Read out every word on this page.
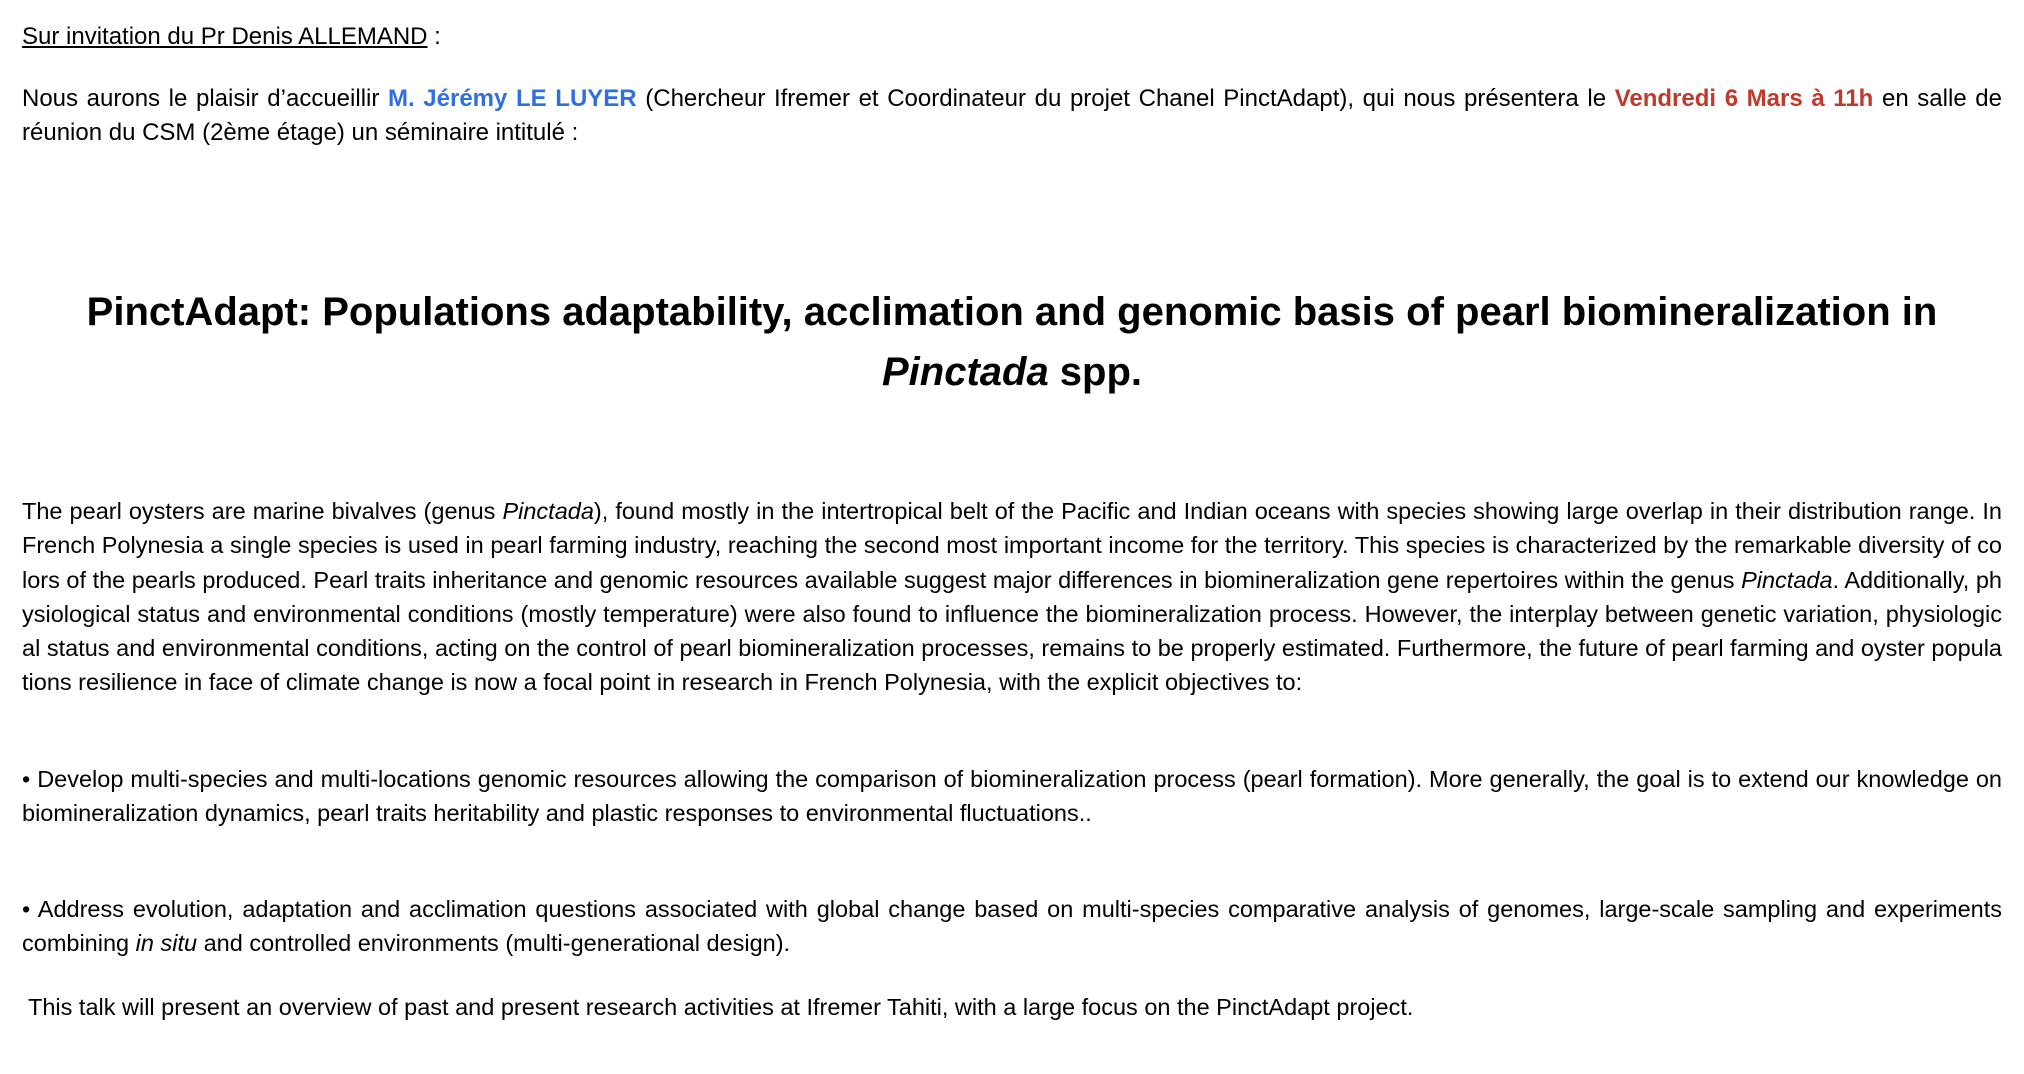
Sur invitation du Pr Denis ALLEMAND :
Nous aurons le plaisir d’accueillir M. Jérémy LE LUYER (Chercheur Ifremer et Coordinateur du projet Chanel PinctAdapt), qui nous présentera le Vendredi 6 Mars à 11h en salle de réunion du CSM (2ème étage) un séminaire intitulé :
PinctAdapt: Populations adaptability, acclimation and genomic basis of pearl biomineralization in
Pinctada spp.
The pearl oysters are marine bivalves (genus Pinctada), found mostly in the intertropical belt of the Pacific and Indian oceans with species showing large overlap in their distribution range. In French Polynesia a single species is used in pearl farming industry, reaching the second most important income for the territory. This species is characterized by the remarkable diversity of colors of the pearls produced. Pearl traits inheritance and genomic resources available suggest major differences in biomineralization gene repertoires within the genus Pinctada. Additionally, physiological status and environmental conditions (mostly temperature) were also found to influence the biomineralization process. However, the interplay between genetic variation, physiological status and environmental conditions, acting on the control of pearl biomineralization processes, remains to be properly estimated. Furthermore, the future of pearl farming and oyster populations resilience in face of climate change is now a focal point in research in French Polynesia, with the explicit objectives to:
• Develop multi-species and multi-locations genomic resources allowing the comparison of biomineralization process (pearl formation). More generally, the goal is to extend our knowledge on biomineralization dynamics, pearl traits heritability and plastic responses to environmental fluctuations..
• Address evolution, adaptation and acclimation questions associated with global change based on multi-species comparative analysis of genomes, large-scale sampling and experiments combining in situ and controlled environments (multi-generational design).
This talk will present an overview of past and present research activities at Ifremer Tahiti, with a large focus on the PinctAdapt project.
